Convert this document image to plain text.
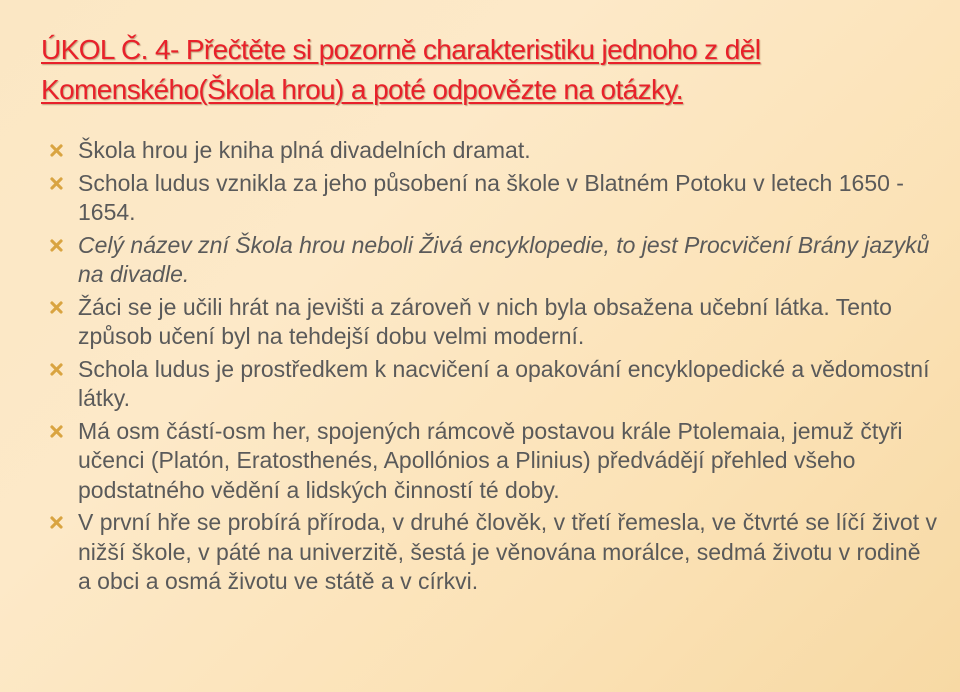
ÚKOL Č. 4- Přečtěte si pozorně charakteristiku jednoho z děl
Komenského(Škola hrou) a poté odpovězte na otázky.
Škola hrou je kniha plná divadelních dramat.
Schola ludus vznikla za jeho působení na škole v Blatném Potoku v letech 1650 - 1654.
Celý název zní Škola hrou neboli Živá encyklopedie, to jest Procvičení Brány jazyků na divadle.
Žáci se je učili hrát na jevišti a zároveň v nich byla obsažena učební látka. Tento způsob učení byl na tehdejší dobu velmi moderní.
Schola ludus je prostředkem k nacvičení a opakování encyklopedické a vědomostní látky.
Má osm částí-osm her, spojených rámcově postavou krále Ptolemaia, jemuž čtyři učenci (Platón, Eratosthenés, Apollónios a Plinius) předvádějí přehled všeho podstatného vědění a lidských činností té doby.
V první hře se probírá příroda, v druhé člověk, v třetí řemesla, ve čtvrté se líčí život v nižší škole, v páté na univerzitě, šestá je věnována morálce, sedmá životu v rodině a obci a osmá životu ve státě a v církvi.
